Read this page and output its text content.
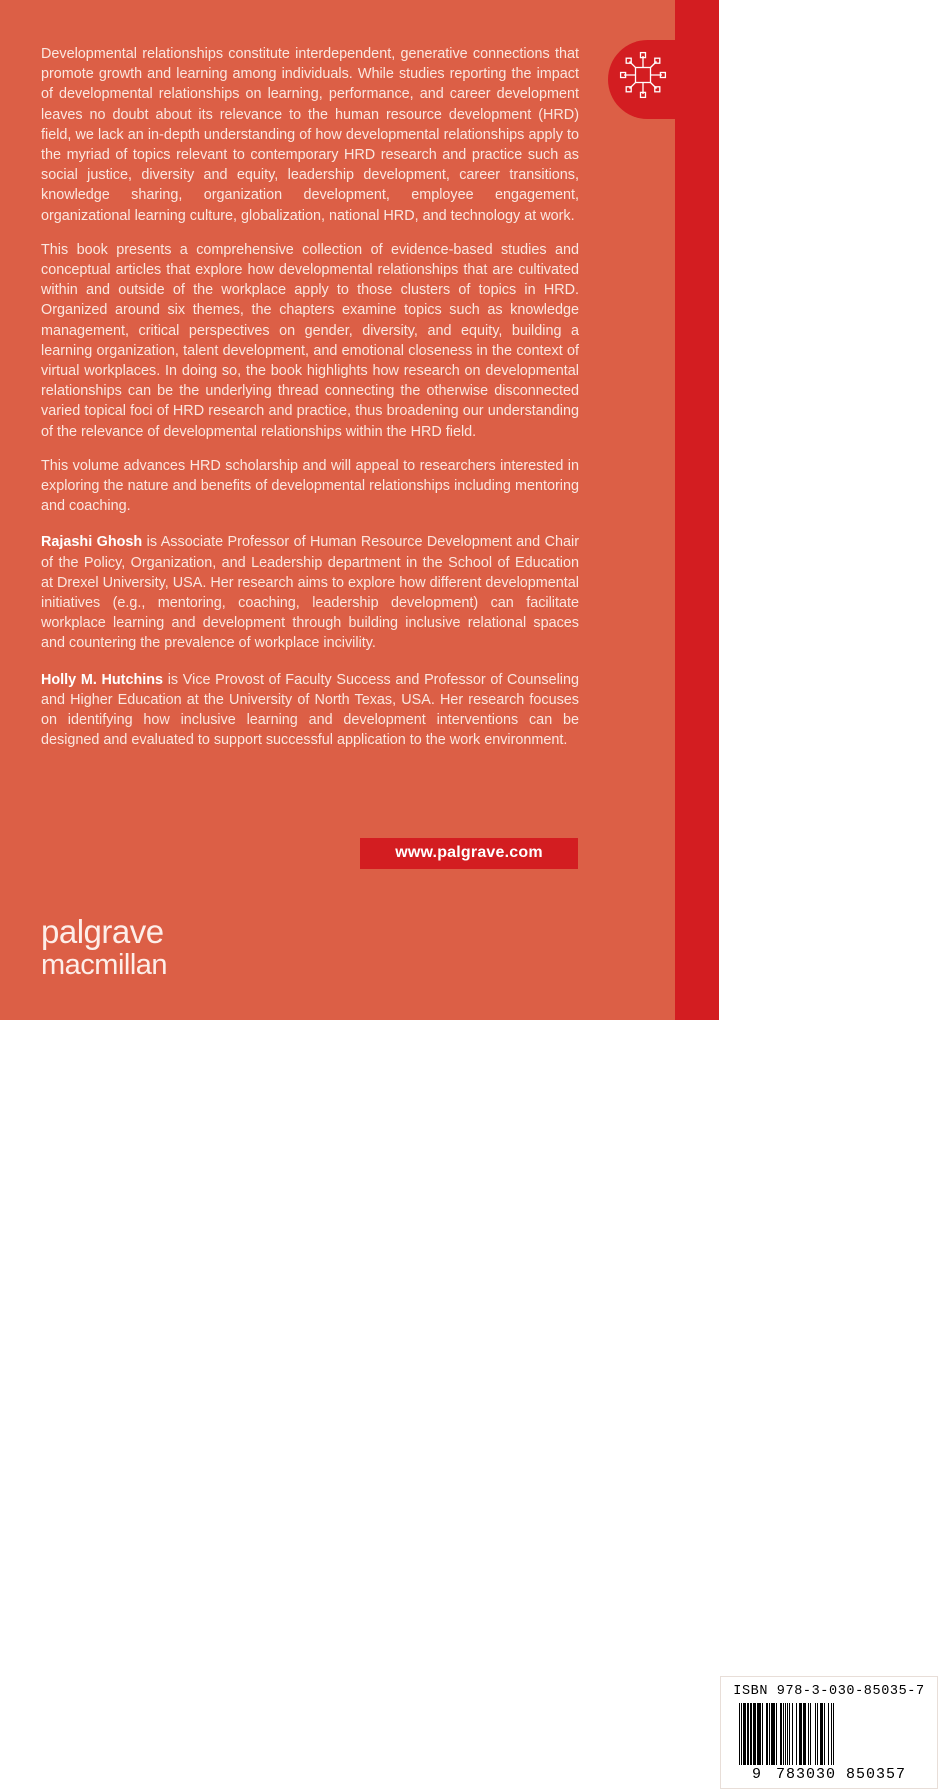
Developmental relationships constitute interdependent, generative connections that promote growth and learning among individuals. While studies reporting the impact of developmental relationships on learning, performance, and career development leaves no doubt about its relevance to the human resource development (HRD) field, we lack an in-depth understanding of how developmental relationships apply to the myriad of topics relevant to contemporary HRD research and practice such as social justice, diversity and equity, leadership development, career transitions, knowledge sharing, organization development, employee engagement, organizational learning culture, globalization, national HRD, and technology at work.

This book presents a comprehensive collection of evidence-based studies and conceptual articles that explore how developmental relationships that are cultivated within and outside of the workplace apply to those clusters of topics in HRD. Organized around six themes, the chapters examine topics such as knowledge management, critical perspectives on gender, diversity, and equity, building a learning organization, talent development, and emotional closeness in the context of virtual workplaces. In doing so, the book highlights how research on developmental relationships can be the underlying thread connecting the otherwise disconnected varied topical foci of HRD research and practice, thus broadening our understanding of the relevance of developmental relationships within the HRD field.

This volume advances HRD scholarship and will appeal to researchers interested in exploring the nature and benefits of developmental relationships including mentoring and coaching.

Rajashi Ghosh is Associate Professor of Human Resource Development and Chair of the Policy, Organization, and Leadership department in the School of Education at Drexel University, USA. Her research aims to explore how different developmental initiatives (e.g., mentoring, coaching, leadership development) can facilitate workplace learning and development through building inclusive relational spaces and countering the prevalence of workplace incivility.

Holly M. Hutchins is Vice Provost of Faculty Success and Professor of Counseling and Higher Education at the University of North Texas, USA. Her research focuses on identifying how inclusive learning and development interventions can be designed and evaluated to support successful application to the work environment.

palgrave
macmillan
ISBN 978-3-030-85035-7
9 783030 850357
www.palgrave.com
